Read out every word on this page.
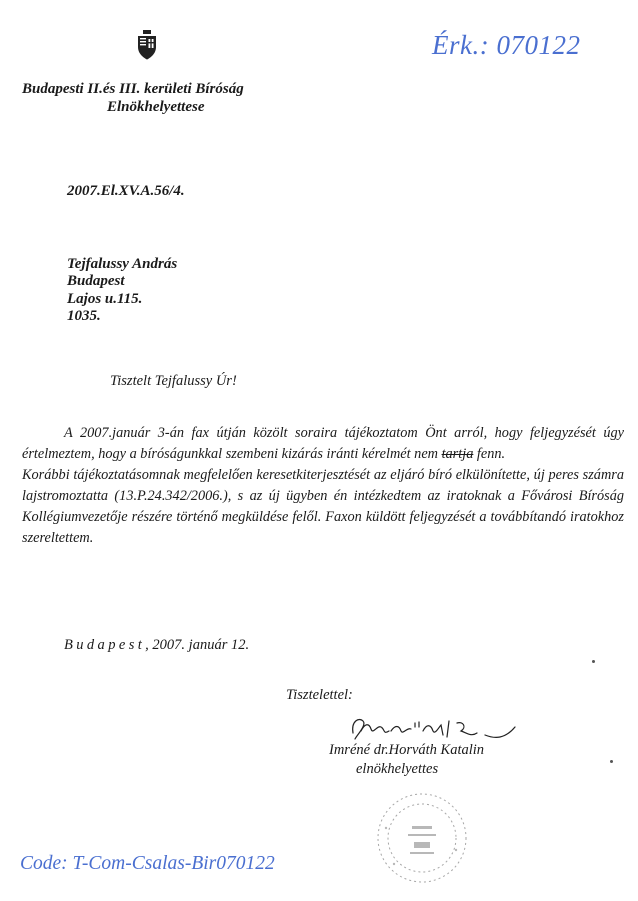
Érk.: 070122
Budapesti II.és III. kerületi Bíróság
Elnökhelyettese
2007.El.XV.A.56/4.
Tejfalussy András
Budapest
Lajos u.115.
1035.
Tisztelt Tejfalussy Úr!

A 2007.január 3-án fax útján közölt soraira tájékoztatom Önt arról, hogy feljegyzését úgy értelmeztem, hogy a bíróságunkkal szembeni kizárás iránti kérelmét nem tartja fenn.

Korábbi tájékoztatásomnak megfelelően keresetkiterjesztését az eljáró bíró elkülönítette, új peres számra lajstromoztatta (13.P.24.342/2006.), s az új ügyben én intézkedtem az iratoknak a Fővárosi Bíróság Kollégiumvezetője részére történő megküldése felől. Faxon küldött feljegyzését a továbbítandó iratokhoz szereltettem.

Budapest, 2007. január 12.
Tisztelettel:
Imréné dr.Horváth Katalin
elnökhelyettes
Code: T-Com-Csalas-Bir070122
